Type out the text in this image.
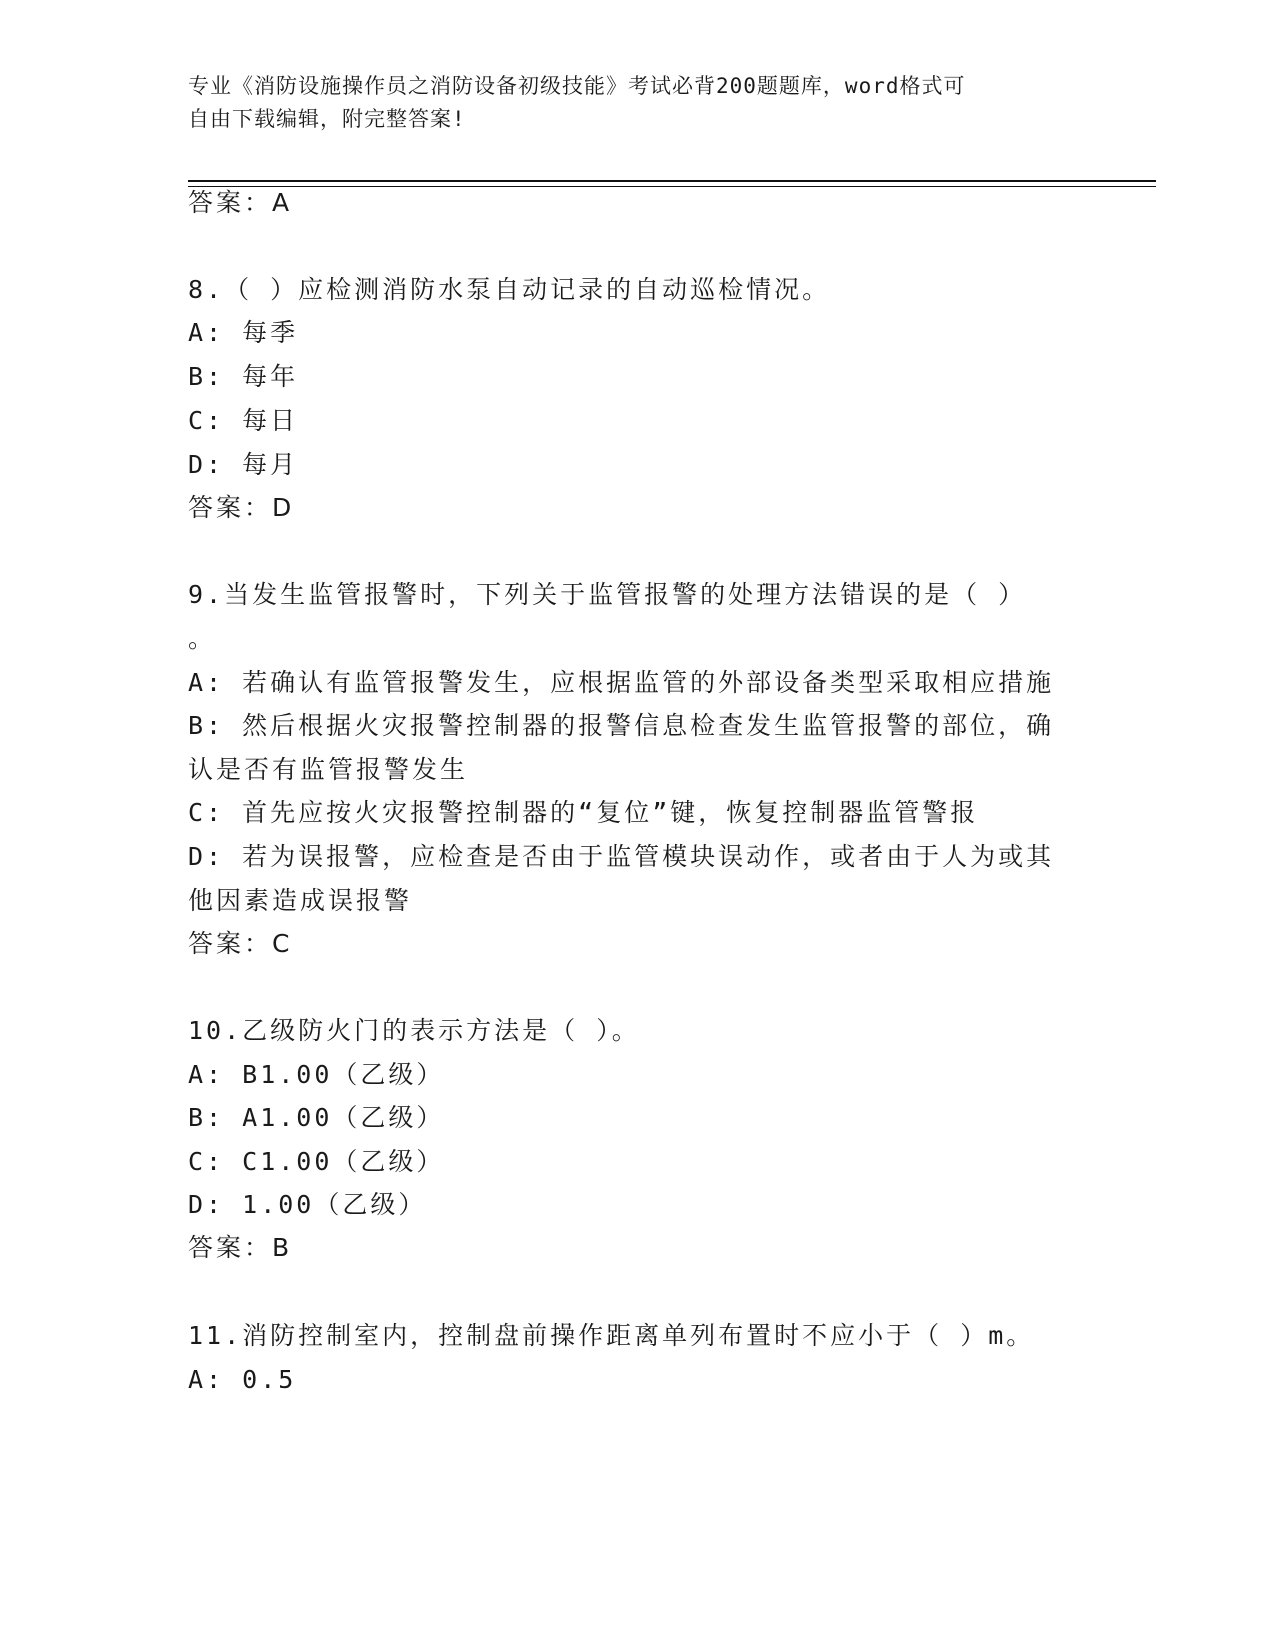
专业《消防设施操作员之消防设备初级技能》考试必背200题题库，word格式可
自由下载编辑，附完整答案!
答案：A
8.（ ）应检测消防水泵自动记录的自动巡检情况。
A: 每季
B: 每年
C: 每日
D: 每月
答案：D
9.当发生监管报警时，下列关于监管报警的处理方法错误的是（ ）
。
A: 若确认有监管报警发生，应根据监管的外部设备类型采取相应措施
B: 然后根据火灾报警控制器的报警信息检查发生监管报警的部位，确
认是否有监管报警发生
C: 首先应按火灾报警控制器的“复位”键，恢复控制器监管警报
D: 若为误报警，应检查是否由于监管模块误动作，或者由于人为或其
他因素造成误报警
答案：C
10.乙级防火门的表示方法是（ ）。
A: B1.00（乙级）
B: A1.00（乙级）
C: C1.00（乙级）
D: 1.00（乙级）
答案：B
11.消防控制室内，控制盘前操作距离单列布置时不应小于（ ）m。
A: 0.5
